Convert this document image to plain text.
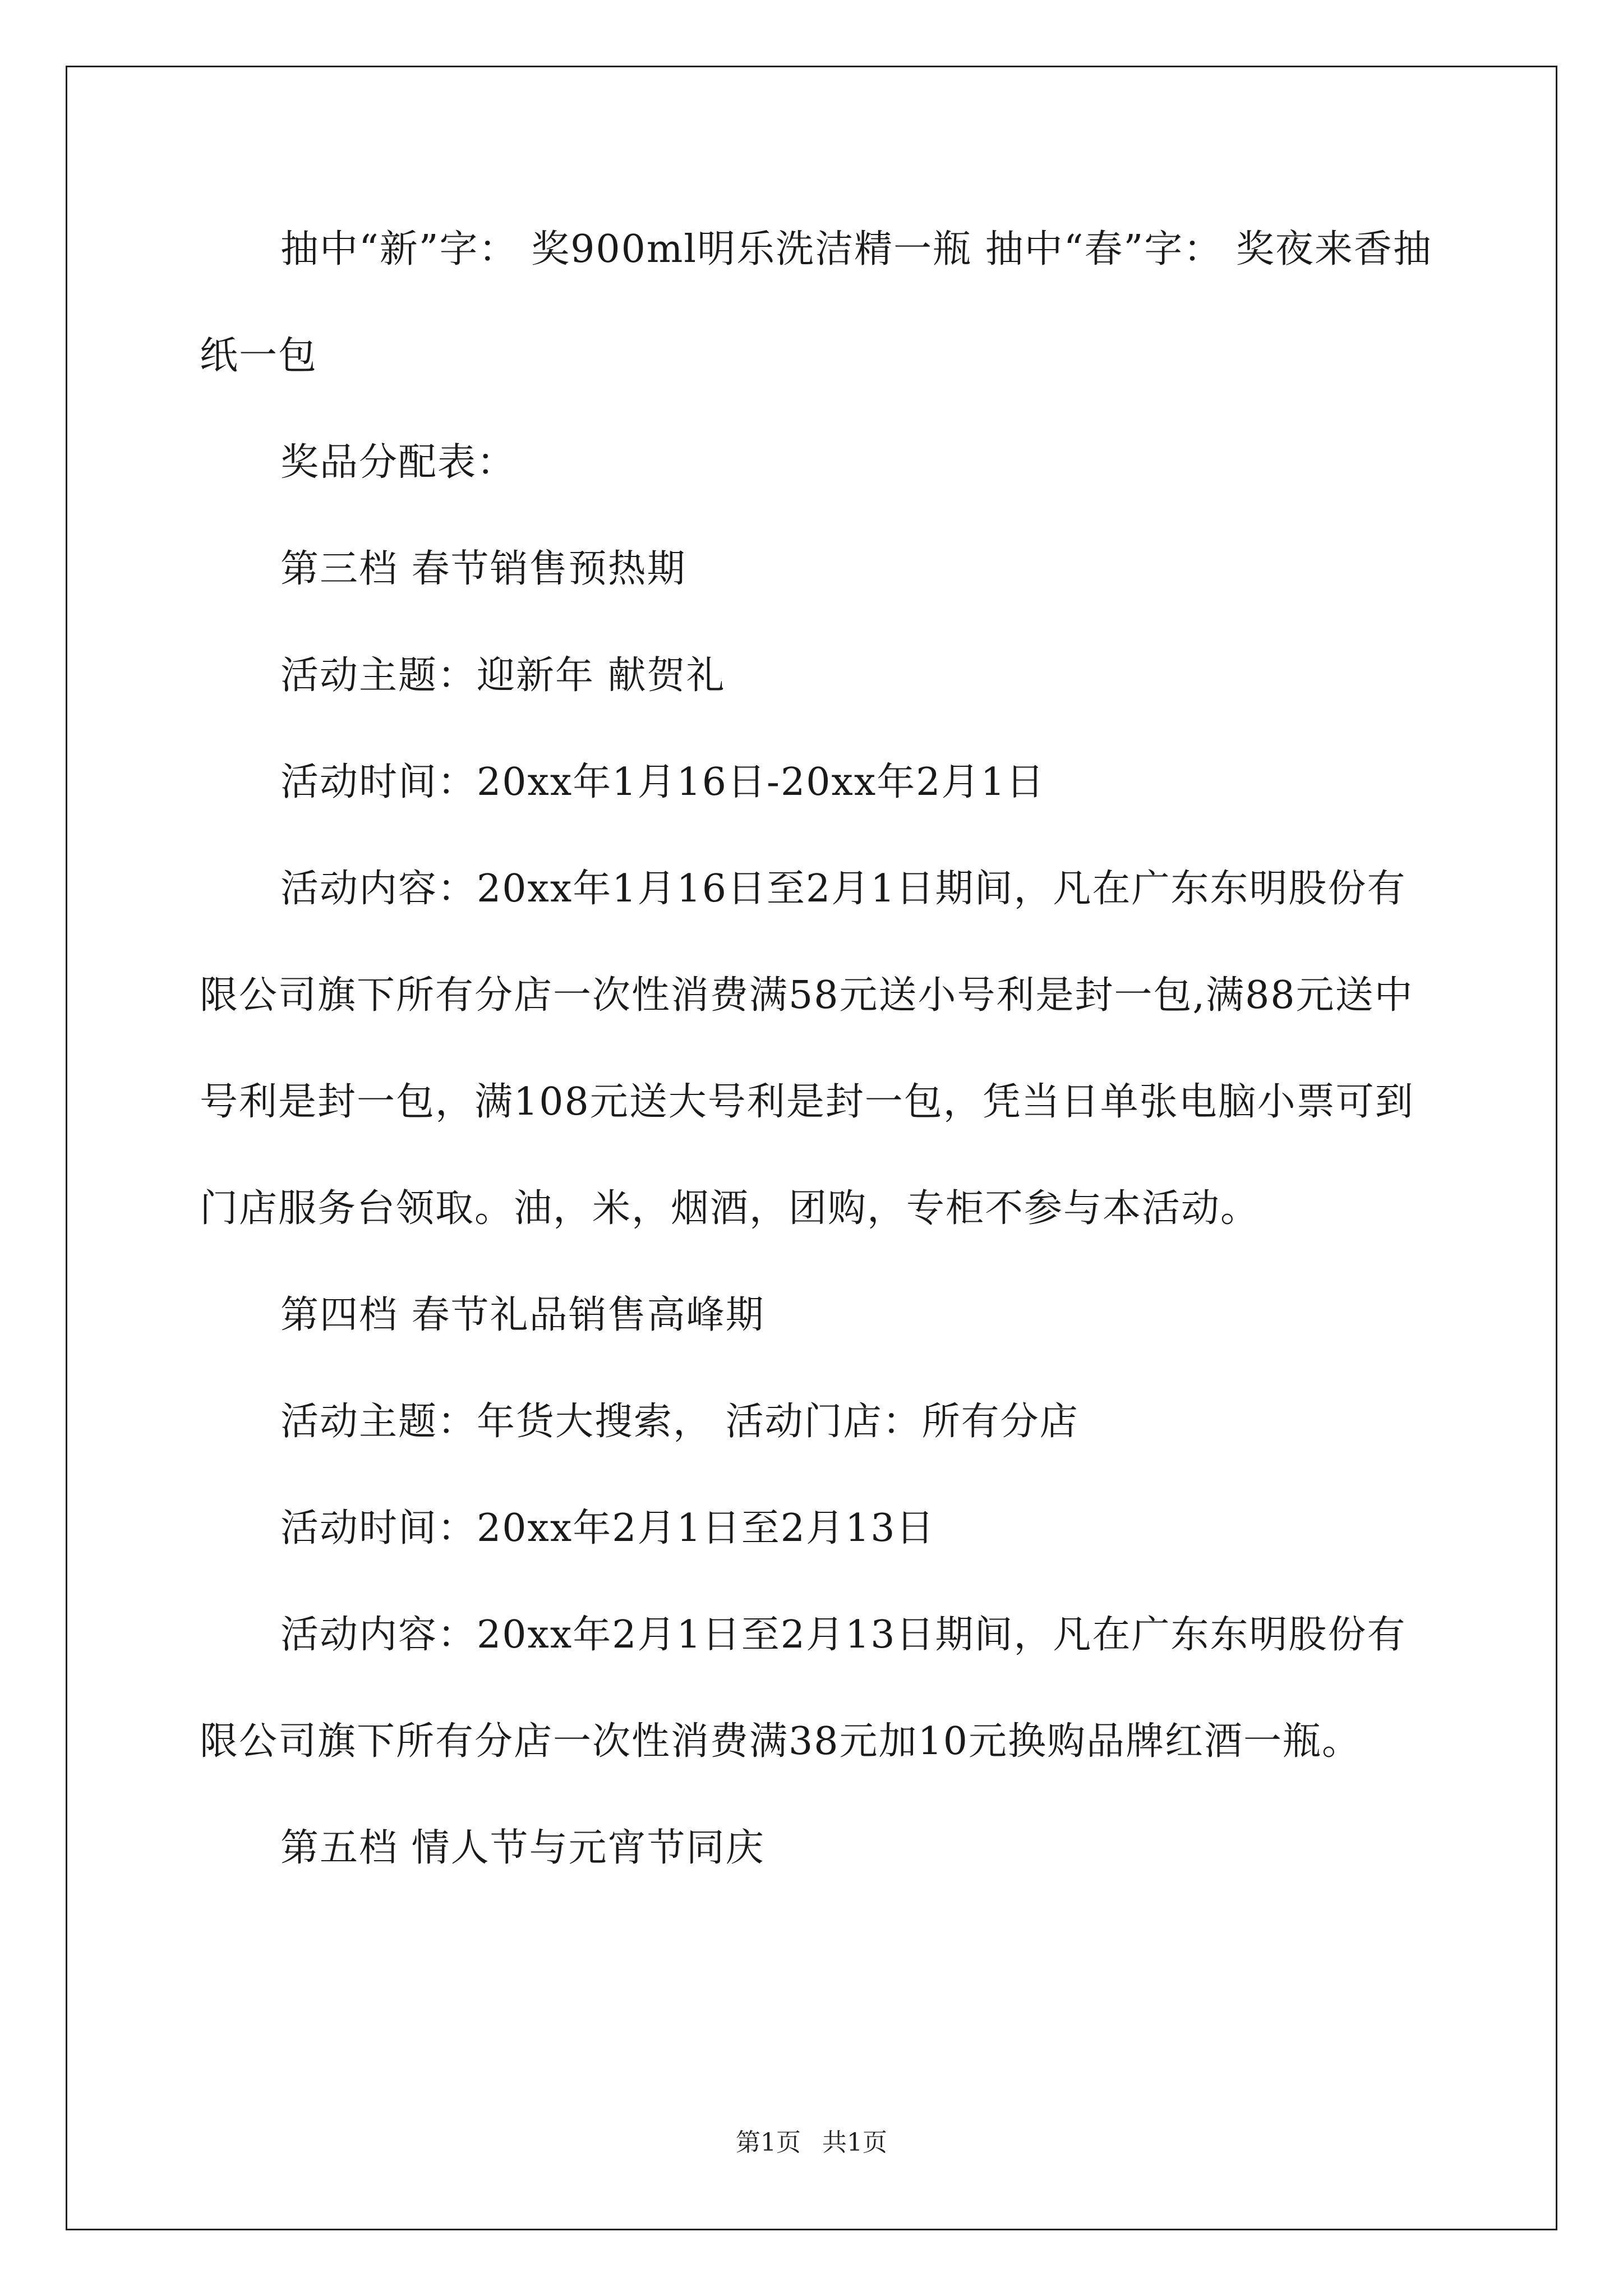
抽中“新”字： 奖900ml明乐洗洁精一瓶 抽中“春”字： 奖夜来香抽纸一包

奖品分配表：

第三档 春节销售预热期

活动主题：迎新年 献贺礼

活动时间：20xx年1月16日-20xx年2月1日

活动内容：20xx年1月16日至2月1日期间，凡在广东东明股份有限公司旗下所有分店一次性消费满58元送小号利是封一包,满88元送中号利是封一包，满108元送大号利是封一包，凭当日单张电脑小票可到门店服务台领取。油，米，烟酒，团购，专柜不参与本活动。

第四档 春节礼品销售高峰期

活动主题：年货大搜索， 活动门店：所有分店

活动时间：20xx年2月1日至2月13日

活动内容：20xx年2月1日至2月13日期间，凡在广东东明股份有限公司旗下所有分店一次性消费满38元加10元换购品牌红酒一瓶。

第五档 情人节与元宵节同庆

第1页 共1页
